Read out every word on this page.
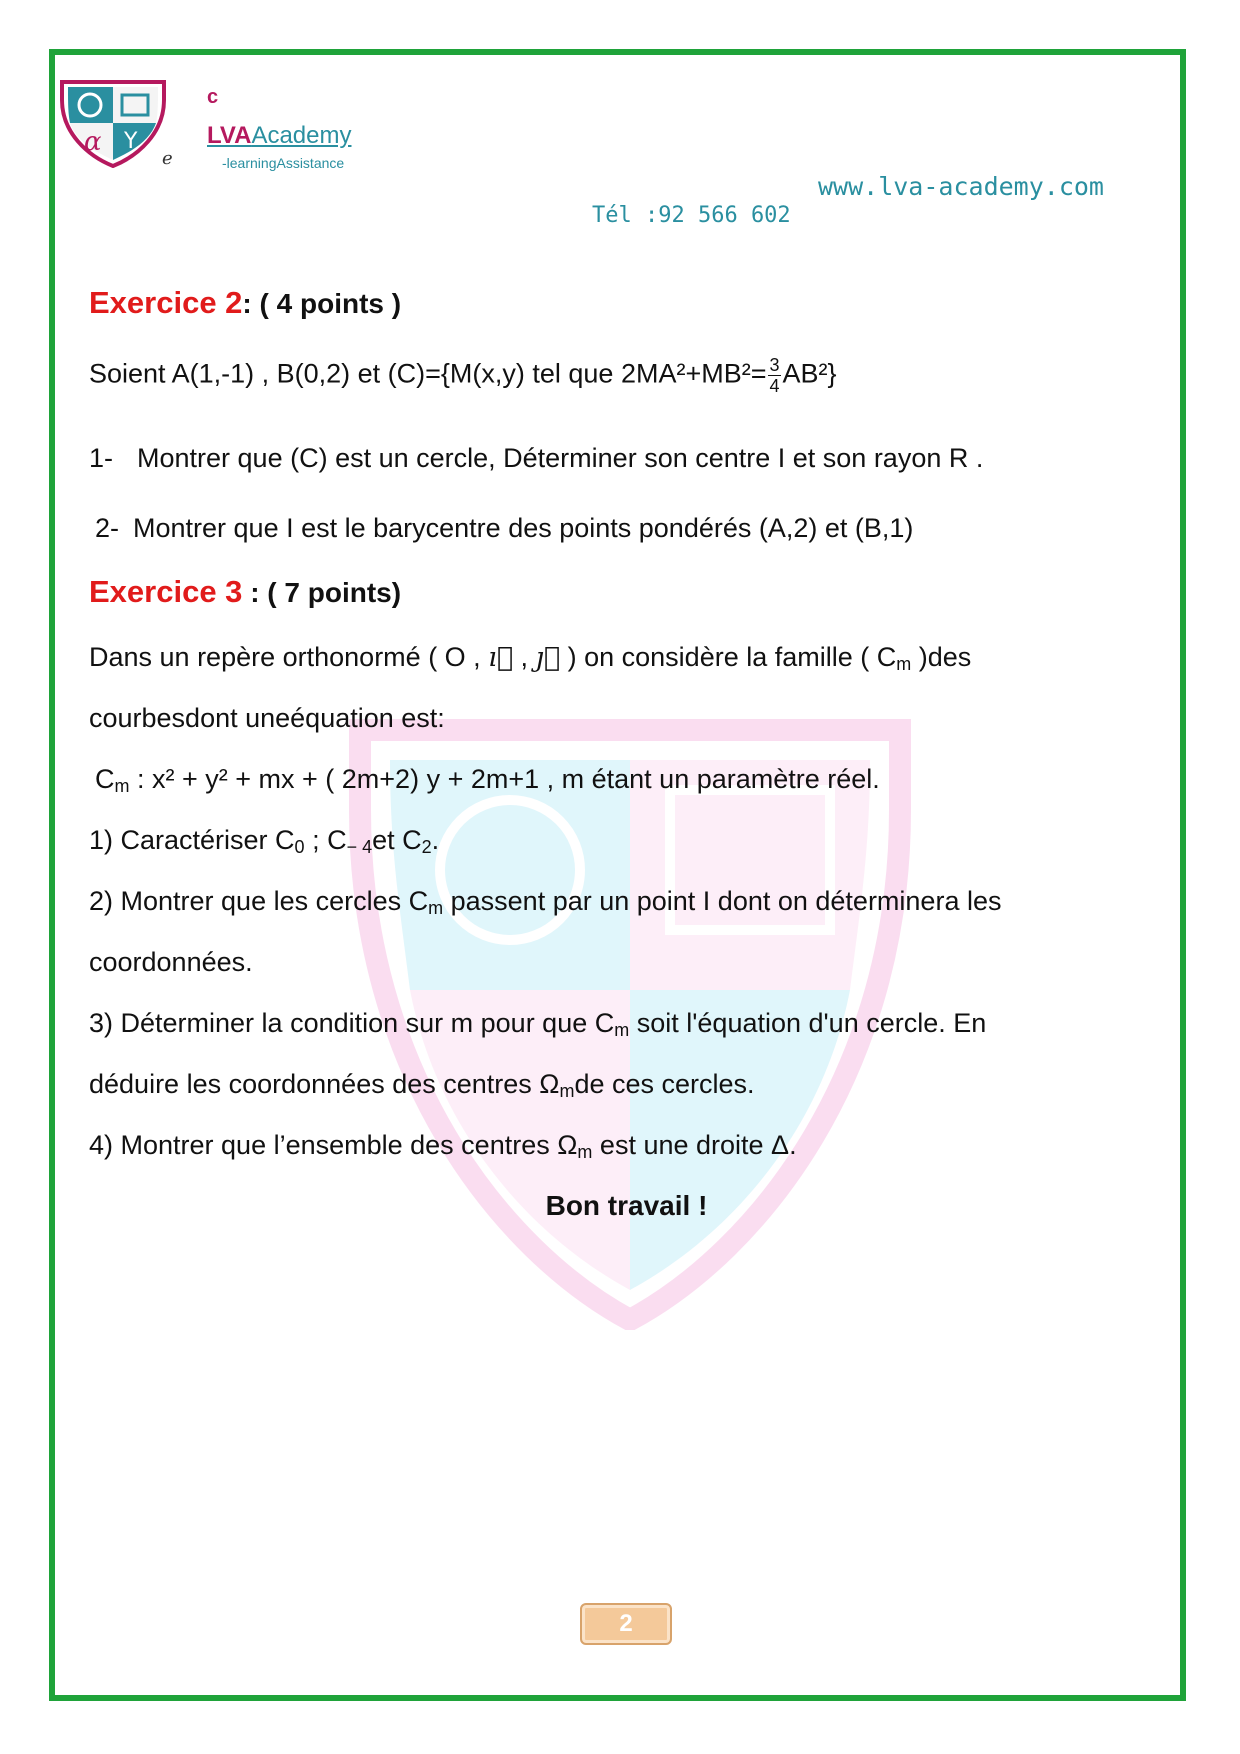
α Y
c
LVAAcademy
e	-learningAssistance
www.lva-academy.com
Tél :92 566 602
Exercice 2: ( 4 points )
Soient A(1,-1) , B(0,2) et (C)={M(x,y) tel que $2MA^2+MB^2= \frac{3}{4} AB^2$}
1- Montrer que (C) est un cercle, Déterminer son centre I et son rayon R .
2- Montrer que I est le barycentre des points pondérés (A,2) et (B,1)
Exercice 3 : ( 7 points)
Dans un repère orthonormé ( O , ı⃗ , ȷ⃗ ) on considère la famille ( $C_m$ )des
courbesdont uneéquation est:
$C_m$ : x² + y² + mx + ( 2m+2) y + 2m+1 , m étant un paramètre réel.
1) Caractériser $C_0$ ; $C_{- 4}et$ $C_2$.
2) Montrer que les cercles $C_m$ passent par un point I dont on déterminera les
coordonnées.
3) Déterminer la condition sur m pour que $C_m$ soit l'équation d'un cercle. En
déduire les coordonnées des centres $\Omega_mde$ ces cercles.
4) Montrer que l’ensemble des centres $\Omega_m$ est une droite Δ.
Bon travail !
2
